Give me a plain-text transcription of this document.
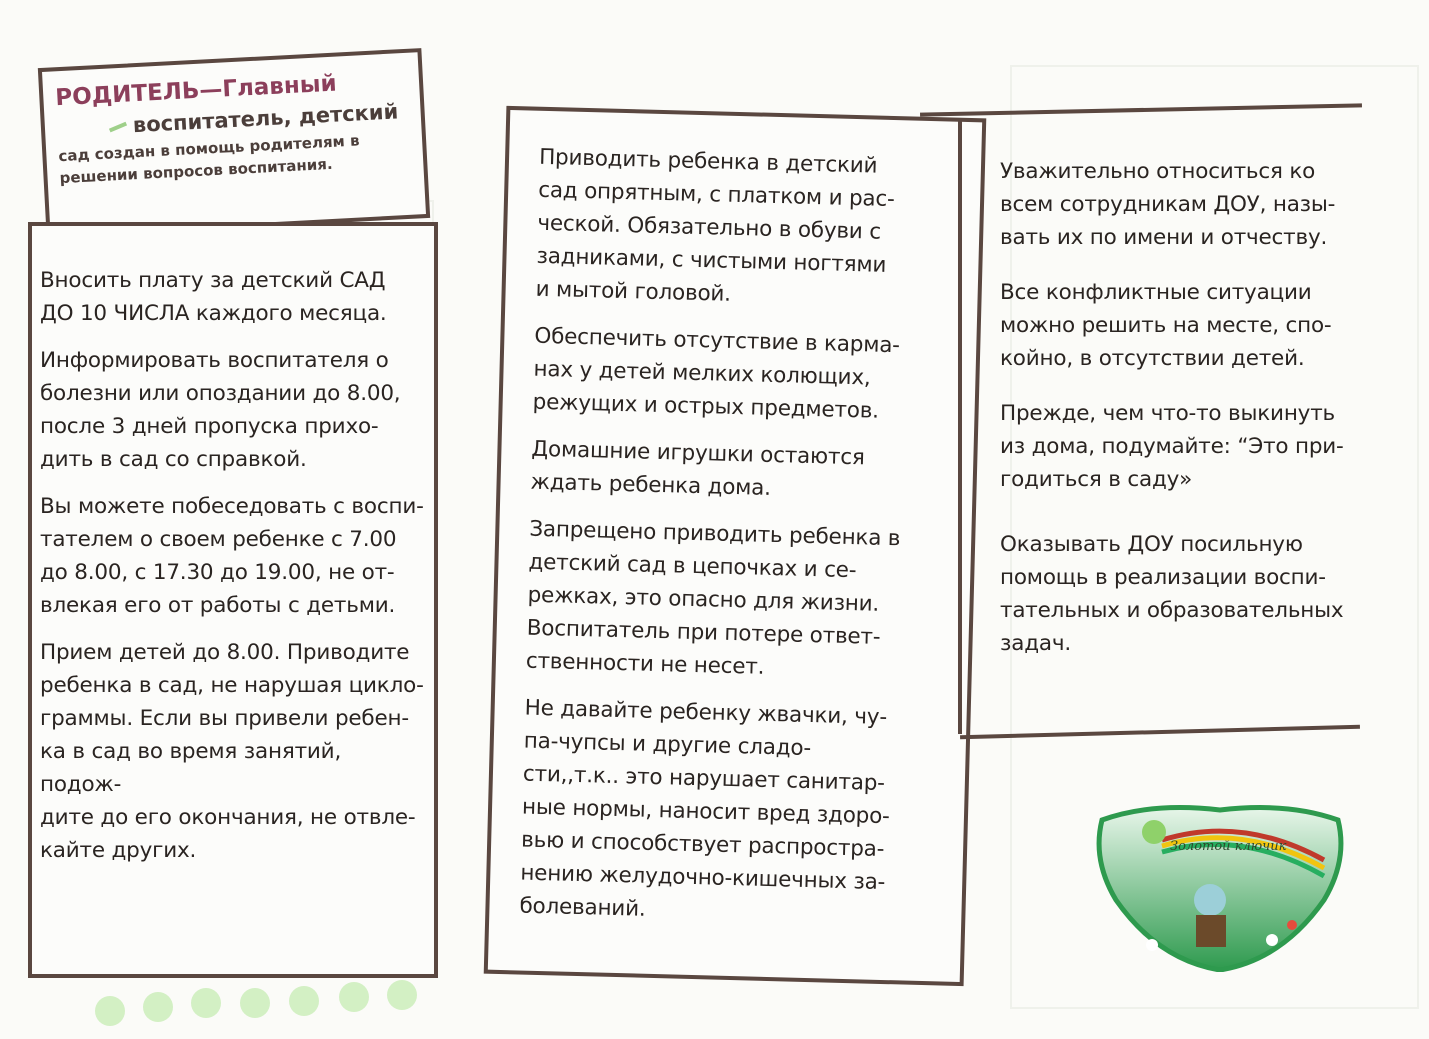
РОДИТЕЛЬ—Главный
воспитатель, детский
сад создан в помощь родителям в решении вопросов воспитания.

Вносить плату за детский САД
ДО 10 ЧИСЛА каждого месяца.

Информировать воспитателя о
болезни или опоздании до 8.00,
после 3 дней пропуска прихо-
дить в сад со справкой.

Вы можете побеседовать с воспи-
тателем о своем ребенке с 7.00
до 8.00, с 17.30 до 19.00, не от-
влекая его от работы с детьми.

Прием детей до 8.00. Приводите
ребенка в сад, не нарушая цикло-
граммы. Если вы привели ребен-
ка в сад во время занятий, подож-
дите до его окончания, не отвле-
кайте других.

Приводить ребенка в детский
сад опрятным, с платком и рас-
ческой. Обязательно в обуви с
задниками, с чистыми ногтями
и мытой головой.

Обеспечить отсутствие в карма-
нах у детей мелких колющих,
режущих и острых предметов.

Домашние игрушки остаются
ждать ребенка дома.

Запрещено приводить ребенка в
детский сад в цепочках и се-
режках, это опасно для жизни.
Воспитатель при потере ответ-
ственности не несет.

Не давайте ребенку жвачки, чу-
па-чупсы и другие сладо-
сти,,т.к.. это нарушает санитар-
ные нормы, наносит вред здоро-
вью и способствует распростра-
нению желудочно-кишечных за-
болеваний.

Уважительно относиться ко
всем сотрудникам ДОУ, назы-
вать их по имени и отчеству.

Все конфликтные ситуации
можно решить на месте, спо-
койно, в отсутствии детей.

Прежде, чем что-то выкинуть
из дома, подумайте: “Это при-
годиться в саду»

Оказывать ДОУ посильную
помощь в реализации воспи-
тательных и образовательных
задач.

Золотой ключик
